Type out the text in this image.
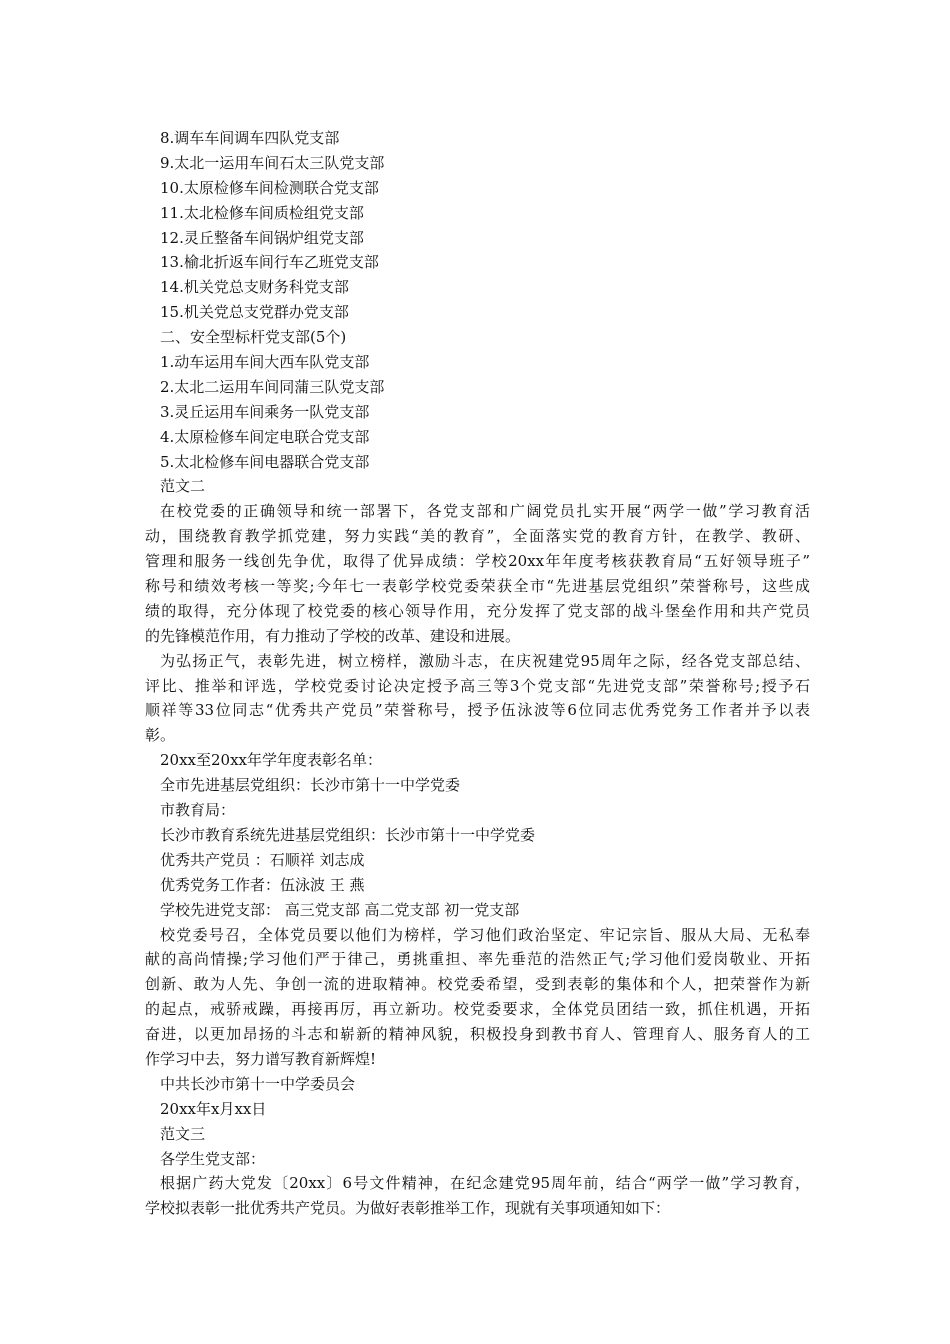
8.调车车间调车四队党支部
9.太北一运用车间石太三队党支部
10.太原检修车间检测联合党支部
11.太北检修车间质检组党支部
12.灵丘整备车间锅炉组党支部
13.榆北折返车间行车乙班党支部
14.机关党总支财务科党支部
15.机关党总支党群办党支部
二、安全型标杆党支部(5个)
1.动车运用车间大西车队党支部
2.太北二运用车间同蒲三队党支部
3.灵丘运用车间乘务一队党支部
4.太原检修车间定电联合党支部
5.太北检修车间电器联合党支部
范文二
在校党委的正确领导和统一部署下，各党支部和广阔党员扎实开展“两学一做”学习教育活
动，围绕教育教学抓党建，努力实践“美的教育”，全面落实党的教育方针，在教学、教研、
管理和服务一线创先争优，取得了优异成绩：学校20xx年年度考核获教育局“五好领导班子”
称号和绩效考核一等奖;今年七一表彰学校党委荣获全市“先进基层党组织”荣誉称号，这些成
绩的取得，充分体现了校党委的核心领导作用，充分发挥了党支部的战斗堡垒作用和共产党员
的先锋模范作用，有力推动了学校的改革、建设和进展。
为弘扬正气，表彰先进，树立榜样，激励斗志，在庆祝建党95周年之际，经各党支部总结、
评比、推举和评选，学校党委讨论决定授予高三等3个党支部“先进党支部”荣誉称号;授予石
顺祥等33位同志“优秀共产党员”荣誉称号，授予伍泳波等6位同志优秀党务工作者并予以表
彰。
20xx至20xx年学年度表彰名单：
全市先进基层党组织：长沙市第十一中学党委
市教育局：
长沙市教育系统先进基层党组织：长沙市第十一中学党委
优秀共产党员 ：石顺祥 刘志成
优秀党务工作者：伍泳波 王 燕
学校先进党支部： 高三党支部 高二党支部 初一党支部
校党委号召，全体党员要以他们为榜样，学习他们政治坚定、牢记宗旨、服从大局、无私奉
献的高尚情操;学习他们严于律己，勇挑重担、率先垂范的浩然正气;学习他们爱岗敬业、开拓
创新、敢为人先、争创一流的进取精神。校党委希望，受到表彰的集体和个人，把荣誉作为新
的起点，戒骄戒躁，再接再厉，再立新功。校党委要求，全体党员团结一致，抓住机遇，开拓
奋进，以更加昂扬的斗志和崭新的精神风貌，积极投身到教书育人、管理育人、服务育人的工
作学习中去，努力谱写教育新辉煌!
中共长沙市第十一中学委员会
20xx年x月xx日
范文三
各学生党支部：
根据广药大党发〔20xx〕6号文件精神，在纪念建党95周年前，结合“两学一做”学习教育，
学校拟表彰一批优秀共产党员。为做好表彰推举工作，现就有关事项通知如下：
